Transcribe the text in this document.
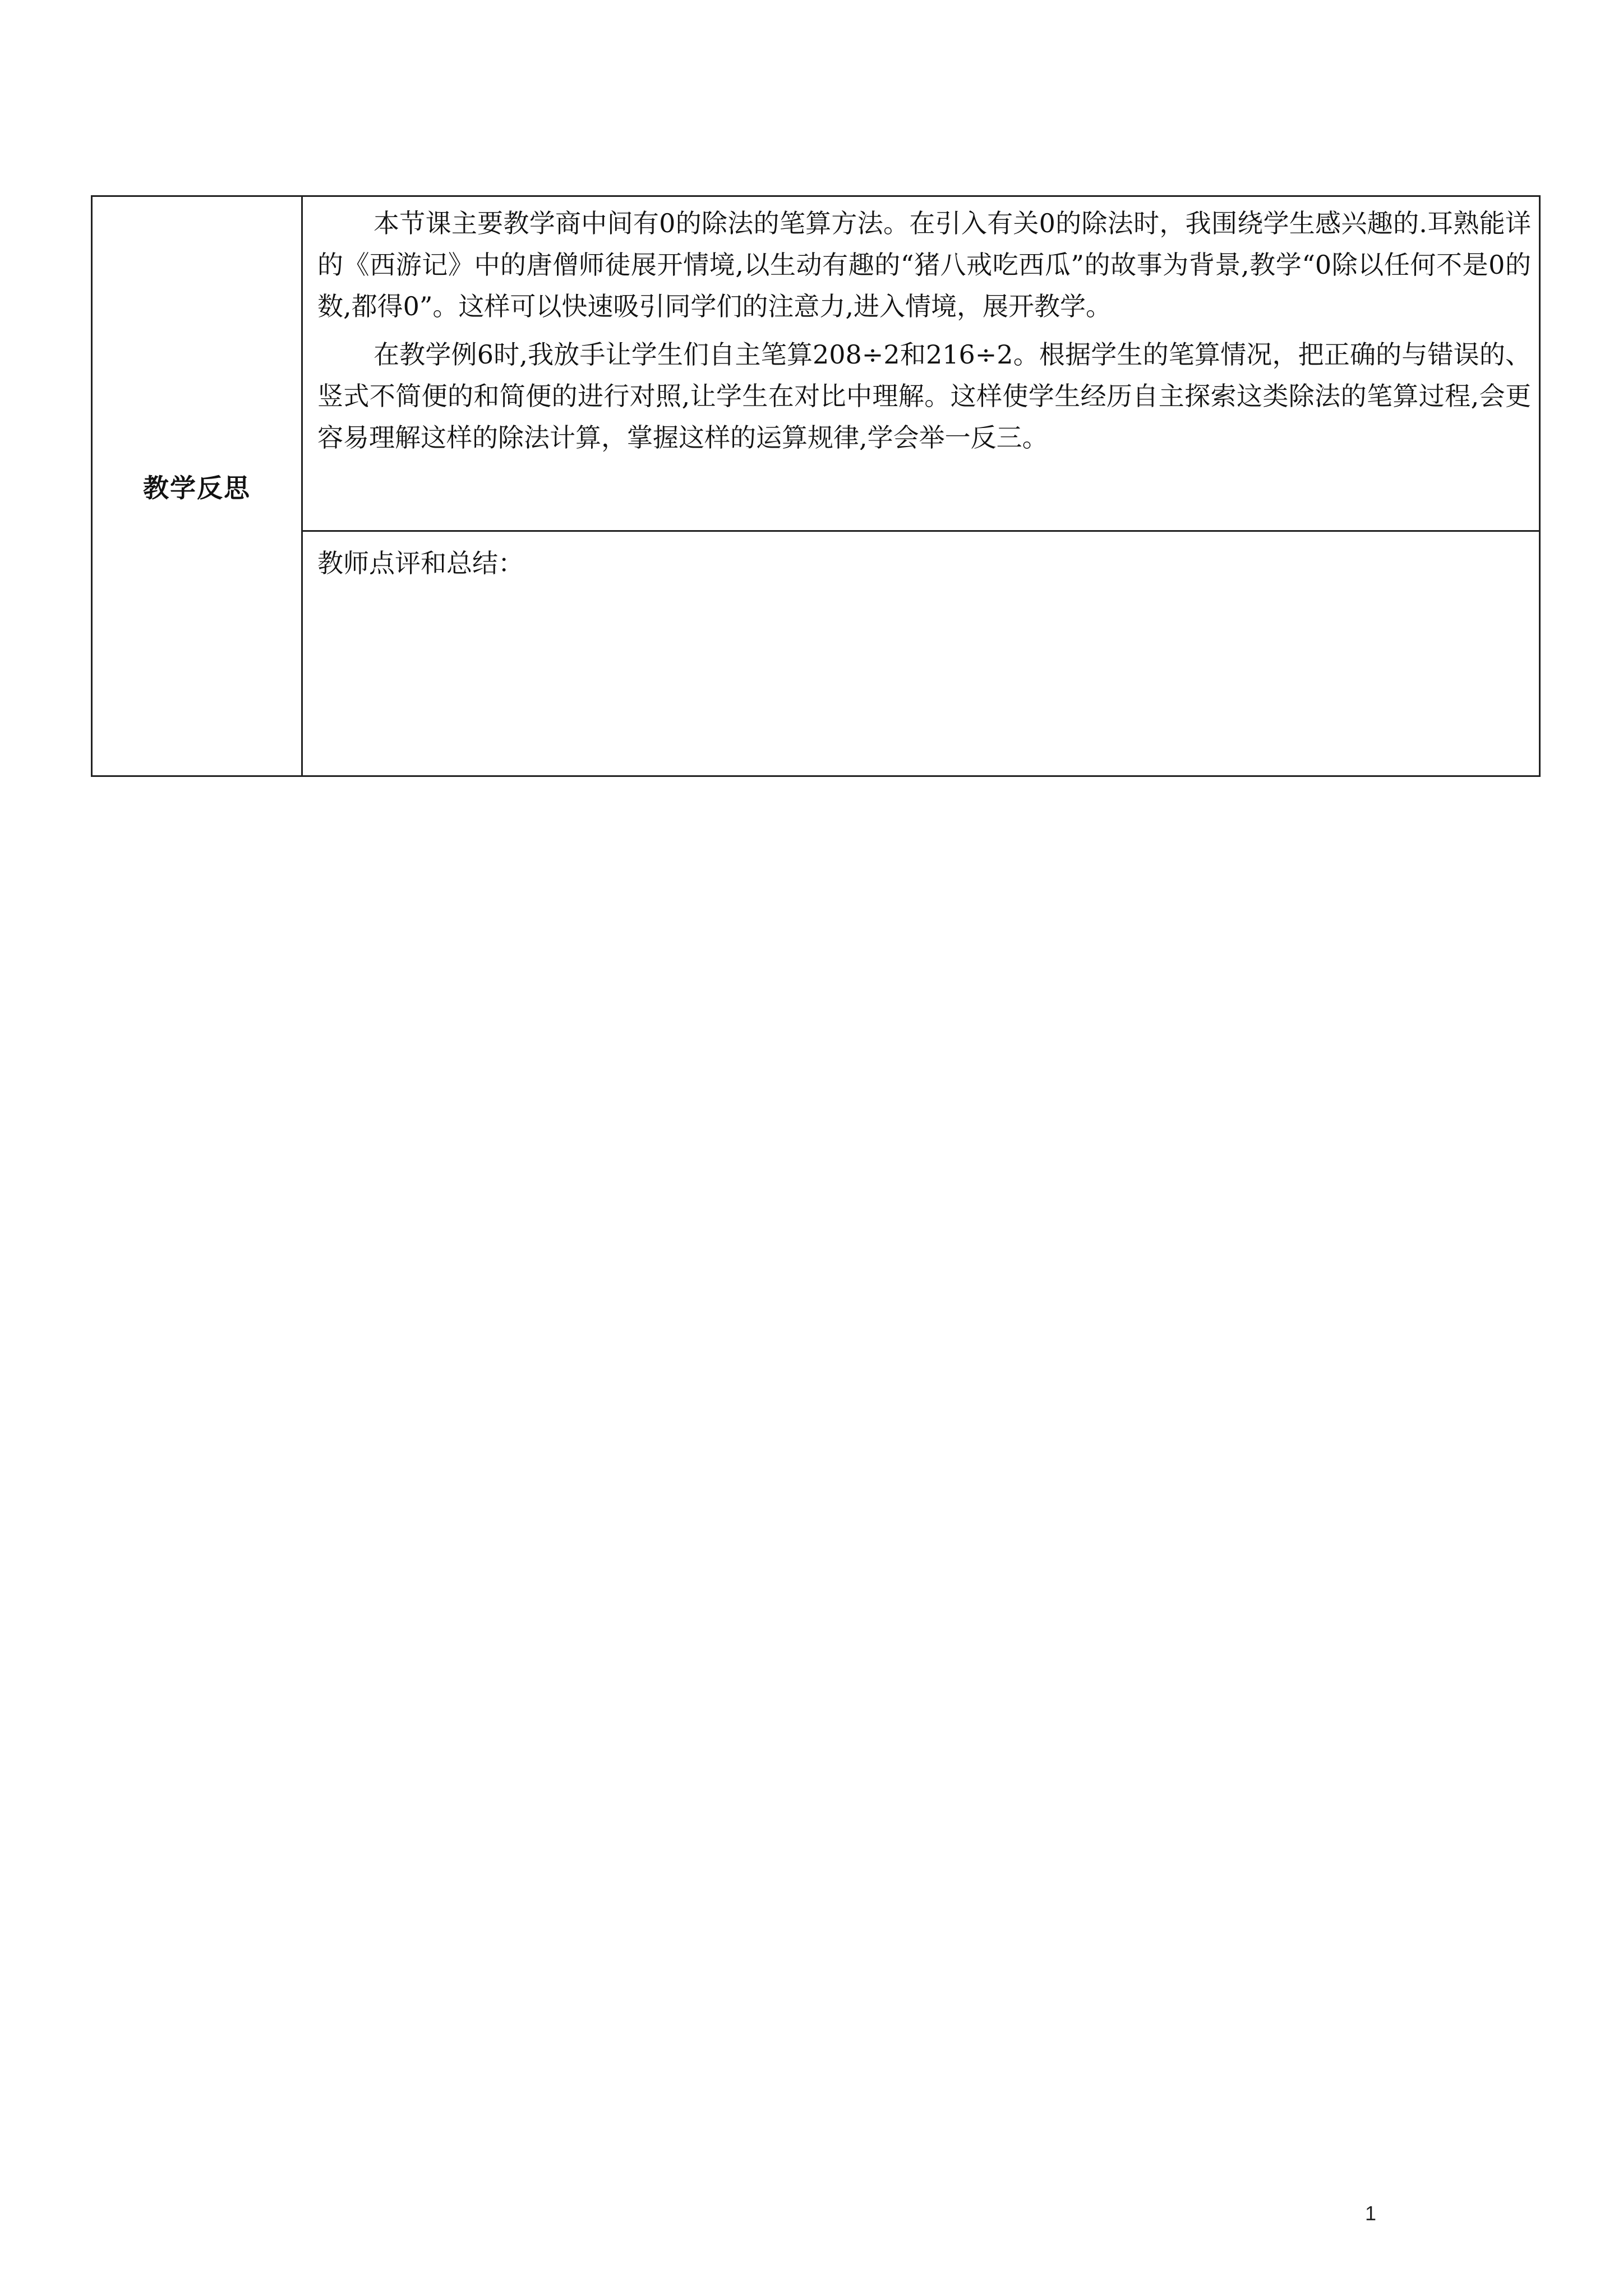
教学反思	

本节课主要教学商中间有0的除法的笔算方法。在引入有关0的除法时，我围绕学生感兴趣的.耳熟能详的《西游记》中的唐僧师徒展开情境,以生动有趣的“猪八戒吃西瓜”的故事为背景,教学“0除以任何不是0的数,都得0”。这样可以快速吸引同学们的注意力,进入情境，展开教学。

在教学例6时,我放手让学生们自主笔算208÷2和216÷2。根据学生的笔算情况，把正确的与错误的、竖式不简便的和简便的进行对照,让学生在对比中理解。这样使学生经历自主探索这类除法的笔算过程,会更容易理解这样的除法计算，掌握这样的运算规律,学会举一反三。

教师点评和总结：
1
